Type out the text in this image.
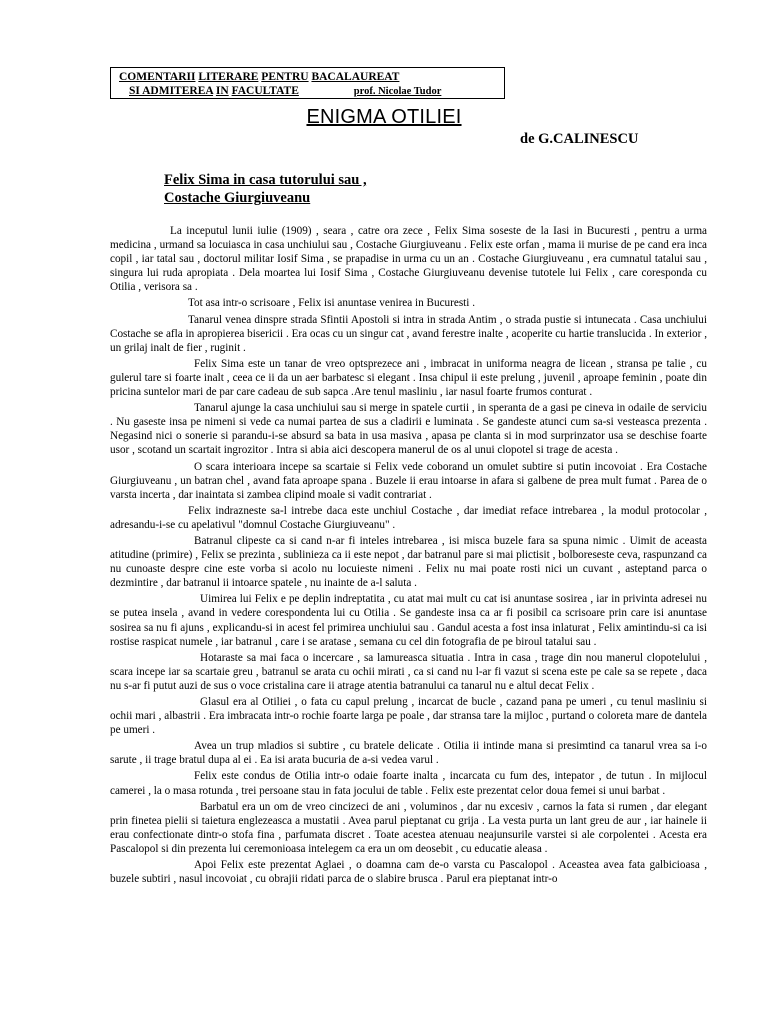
COMENTARII LITERARE PENTRU BACALAUREAT
SI ADMITEREA IN FACULTATE	prof. Nicolae Tudor
ENIGMA OTILIEI
de G.CALINESCU
Felix Sima in casa tutorului sau , Costache Giurgiuveanu

La inceputul lunii iulie (1909) , seara , catre ora zece , Felix Sima soseste de la Iasi in Bucuresti , pentru a urma medicina , urmand sa locuiasca in casa unchiului sau , Costache Giurgiuveanu . Felix este orfan , mama ii murise de pe cand era inca copil , iar tatal sau , doctorul militar Iosif Sima , se prapadise in urma cu un an . Costache Giurgiuveanu , era cumnatul tatalui sau , singura lui ruda apropiata . Dela moartea lui Iosif Sima , Costache Giurgiuveanu devenise tutotele lui Felix , care coresponda cu Otilia , verisora sa .

Tot asa intr-o scrisoare , Felix isi anuntase venirea in Bucuresti .

Tanarul venea dinspre strada Sfintii Apostoli si intra in strada Antim , o strada pustie si intunecata . Casa unchiului Costache se afla in apropierea bisericii . Era ocas cu un singur cat , avand ferestre inalte , acoperite cu hartie translucida . In exterior , un grilaj inalt de fier , ruginit .

Felix Sima este un tanar de vreo optsprezece ani , imbracat in uniforma neagra de licean , stransa pe talie , cu gulerul tare si foarte inalt , ceea ce ii da un aer barbatesc si elegant . Insa chipul ii este prelung , juvenil , aproape feminin , poate din pricina suntelor mari de par care cadeau de sub sapca .Are tenul masliniu , iar nasul foarte frumos conturat .

Tanarul ajunge la casa unchiului sau si merge in spatele curtii , in speranta de a gasi pe cineva in odaile de serviciu . Nu gaseste insa pe nimeni si vede ca numai partea de sus a cladirii e luminata . Se gandeste atunci cum sa-si vesteasca prezenta . Negasind nici o sonerie si parandu-i-se absurd sa bata in usa masiva , apasa pe clanta si in mod surprinzator usa se deschise foarte usor , scotand un scartait ingrozitor . Intra si abia aici descopera manerul de os al unui clopotel si trage de acesta .

O scara interioara incepe sa scartaie si Felix vede coborand un omulet subtire si putin incovoiat . Era Costache Giurgiuveanu , un batran chel , avand fata aproape spana . Buzele ii erau intoarse in afara si galbene de prea mult fumat . Parea de o varsta incerta , dar inaintata si zambea clipind moale si vadit contrariat .

Felix indrazneste sa-l intrebe daca este unchiul Costache , dar imediat reface intrebarea , la modul protocolar , adresandu-i-se cu apelativul "domnul Costache Giurgiuveanu" .

Batranul clipeste ca si cand n-ar fi inteles intrebarea , isi misca buzele fara sa spuna nimic . Uimit de aceasta atitudine (primire) , Felix se prezinta , sublinieza ca ii este nepot , dar batranul pare si mai plictisit , bolboreseste ceva, raspunzand ca nu cunoaste despre cine este vorba si acolo nu locuieste nimeni . Felix nu mai poate rosti nici un cuvant , asteptand parca o dezmintire , dar batranul ii intoarce spatele , nu inainte de a-l saluta .

Uimirea lui Felix e pe deplin indreptatita , cu atat mai mult cu cat isi anuntase sosirea , iar in privinta adresei nu se putea insela , avand in vedere corespondenta lui cu Otilia . Se gandeste insa ca ar fi posibil ca scrisoare prin care isi anuntase sosirea sa nu fi ajuns , explicandu-si in acest fel primirea unchiului sau . Gandul acesta a fost insa inlaturat , Felix amintindu-si ca isi rostise raspicat numele , iar batranul , care i se aratase , semana cu cel din fotografia de pe biroul tatalui sau .

Hotaraste sa mai faca o incercare , sa lamureasca situatia . Intra in casa , trage din nou manerul clopotelului , scara incepe iar sa scartaie greu , batranul se arata cu ochii mirati , ca si cand nu l-ar fi vazut si scena este pe cale sa se repete , daca nu s-ar fi putut auzi de sus o voce cristalina care ii atrage atentia batranului ca tanarul nu e altul decat Felix .

Glasul era al Otiliei , o fata cu capul prelung , incarcat de bucle , cazand pana pe umeri , cu tenul masliniu si ochii mari , albastrii . Era imbracata intr-o rochie foarte larga pe poale , dar stransa tare la mijloc , purtand o coloreta mare de dantela pe umeri .

Avea un trup mladios si subtire , cu bratele delicate . Otilia ii intinde mana si presimtind ca tanarul vrea sa i-o sarute , ii trage bratul dupa al ei . Ea isi arata bucuria de a-si vedea varul .

Felix este condus de Otilia intr-o odaie foarte inalta , incarcata cu fum des, intepator , de tutun . In mijlocul camerei , la o masa rotunda , trei persoane stau in fata jocului de table . Felix este prezentat celor doua femei si unui barbat .

Barbatul era un om de vreo cincizeci de ani , voluminos , dar nu excesiv , carnos la fata si rumen , dar elegant prin finetea pielii si taietura englezeasca a mustatii . Avea parul pieptanat cu grija . La vesta purta un lant greu de aur , iar hainele ii erau confectionate dintr-o stofa fina , parfumata discret . Toate acestea atenuau neajunsurile varstei si ale corpolentei . Acesta era Pascalopol si din prezenta lui ceremonioasa intelegem ca era un om deosebit , cu educatie aleasa .

Apoi Felix este prezentat Aglaei , o doamna cam de-o varsta cu Pascalopol . Aceastea avea fata galbicioasa , buzele subtiri , nasul incovoiat , cu obrajii ridati parca de o slabire brusca . Parul era pieptanat intr-o
